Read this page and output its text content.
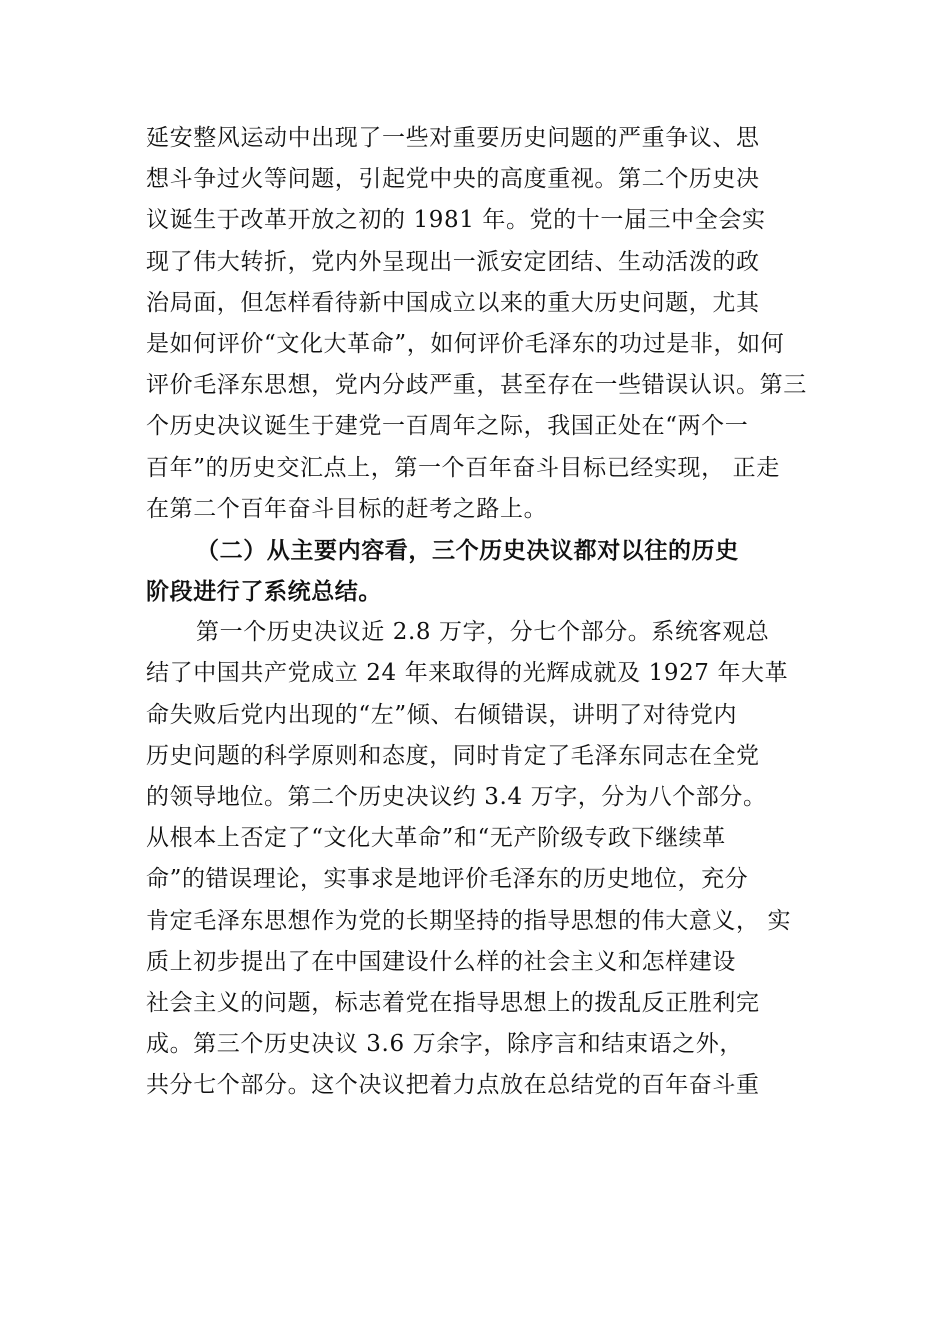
延安整风运动中出现了一些对重要历史问题的严重争议、思
想斗争过火等问题，引起党中央的高度重视。第二个历史决
议诞生于改革开放之初的 1981 年。党的十一届三中全会实
现了伟大转折，党内外呈现出一派安定团结、生动活泼的政
治局面，但怎样看待新中国成立以来的重大历史问题，尤其
是如何评价“文化大革命”，如何评价毛泽东的功过是非，如何
评价毛泽东思想，党内分歧严重，甚至存在一些错误认识。第三
个历史决议诞生于建党一百周年之际，我国正处在“两个一
百年”的历史交汇点上，第一个百年奋斗目标已经实现， 正走
在第二个百年奋斗目标的赶考之路上。
（二）从主要内容看，三个历史决议都对以往的历史
阶段进行了系统总结。
第一个历史决议近 2.8 万字，分七个部分。系统客观总
结了中国共产党成立 24 年来取得的光辉成就及 1927 年大革
命失败后党内出现的“左”倾、右倾错误，讲明了对待党内
历史问题的科学原则和态度，同时肯定了毛泽东同志在全党
的领导地位。第二个历史决议约 3.4 万字，分为八个部分。
从根本上否定了“文化大革命”和“无产阶级专政下继续革
命”的错误理论，实事求是地评价毛泽东的历史地位，充分
肯定毛泽东思想作为党的长期坚持的指导思想的伟大意义， 实
质上初步提出了在中国建设什么样的社会主义和怎样建设
社会主义的问题，标志着党在指导思想上的拨乱反正胜利完
成。第三个历史决议 3.6 万余字，除序言和结束语之外，
共分七个部分。这个决议把着力点放在总结党的百年奋斗重
